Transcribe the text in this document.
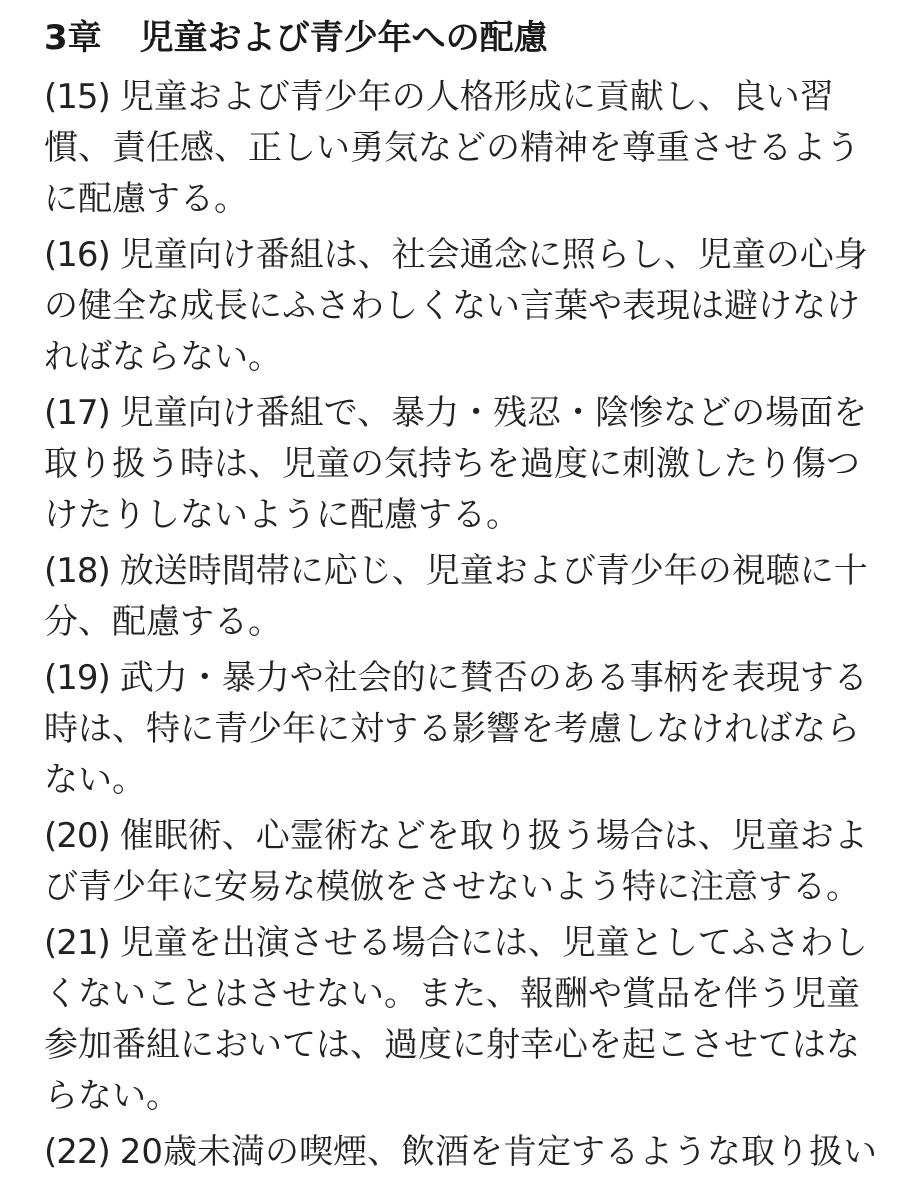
3章 児童および青少年への配慮
(15) 児童および青少年の人格形成に貢献し、良い習
慣、責任感、正しい勇気などの精神を尊重させるよう
に配慮する。
(16) 児童向け番組は、社会通念に照らし、児童の心身
の健全な成長にふさわしくない言葉や表現は避けなけ
ればならない。
(17) 児童向け番組で、暴力・残忍・陰惨などの場面を
取り扱う時は、児童の気持ちを過度に刺激したり傷つ
けたりしないように配慮する。
(18) 放送時間帯に応じ、児童および青少年の視聴に十
分、配慮する。
(19) 武力・暴力や社会的に賛否のある事柄を表現する
時は、特に青少年に対する影響を考慮しなければなら
ない。
(20) 催眠術、心霊術などを取り扱う場合は、児童およ
び青少年に安易な模倣をさせないよう特に注意する。
(21) 児童を出演させる場合には、児童としてふさわし
くないことはさせない。また、報酬や賞品を伴う児童
参加番組においては、過度に射幸心を起こさせてはな
らない。
(22) 20歳未満の喫煙、飲酒を肯定するような取り扱い
